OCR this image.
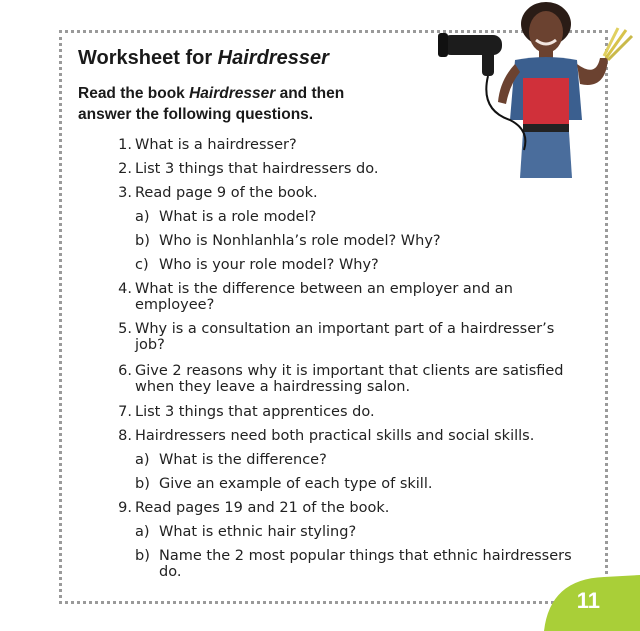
Worksheet for Hairdresser

Read the book Hairdresser and then
answer the following questions.

1. What is a hairdresser?
2. List 3 things that hairdressers do.
3. Read page 9 of the book.
a) What is a role model?
b) Who is Nonhlanhla’s role model? Why?
c) Who is your role model? Why?
4. What is the difference between an employer and an
employee?
5. Why is a consultation an important part of a hairdresser’s
job?
6. Give 2 reasons why it is important that clients are satisfied
when they leave a hairdressing salon.
7. List 3 things that apprentices do.
8. Hairdressers need both practical skills and social skills.
a) What is the difference?
b) Give an example of each type of skill.
9. Read pages 19 and 21 of the book.
a) What is ethnic hair styling?
b) Name the 2 most popular things that ethnic hairdressers
do.
11
